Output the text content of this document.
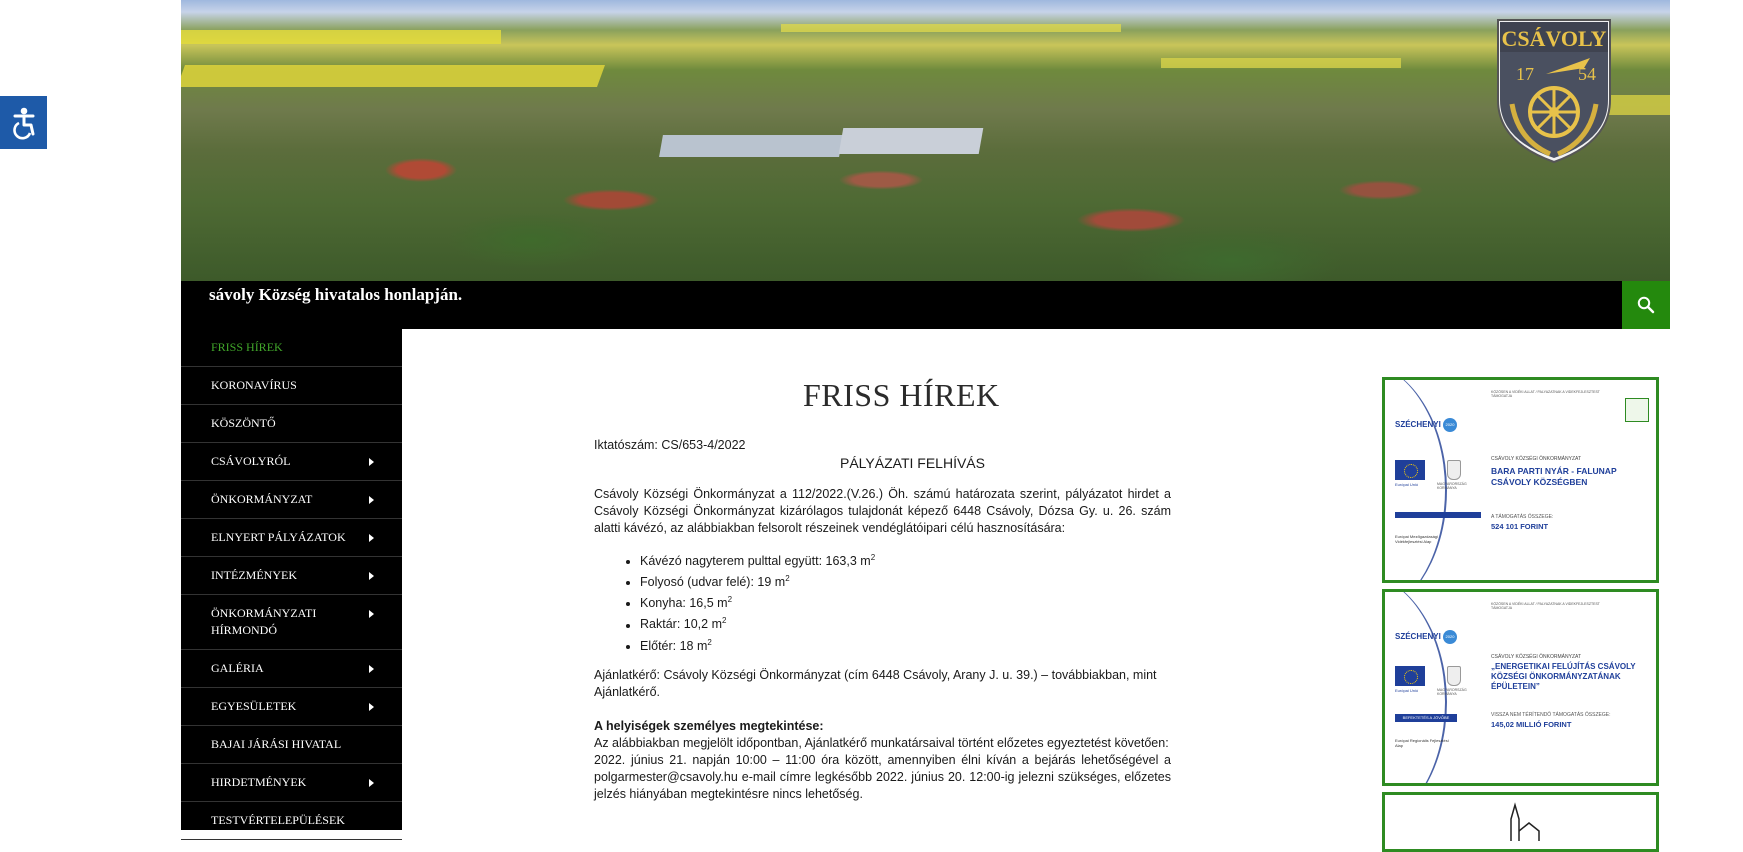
CSÁVOLY
17 54
sávoly Község hivatalos honlapján.
FRISS HÍREK
KORONAVÍRUS
KÖSZÖNTŐ
CSÁVOLYRÓL
ÖNKORMÁNYZAT
ELNYERT PÁLYÁZATOK
INTÉZMÉNYEK
ÖNKORMÁNYZATI HÍRMONDÓ
GALÉRIA
EGYESÜLETEK
BAJAI JÁRÁSI HIVATAL
HIRDETMÉNYEK
TESTVÉRTELEPÜLÉSEK
FRISS HÍREK

Iktatószám: CS/653-4/2022

PÁLYÁZATI FELHÍVÁS

Csávoly Községi Önkormányzat a 112/2022.(V.26.) Öh. számú határozata szerint, pályázatot hirdet a Csávoly Községi Önkormányzat kizárólagos tulajdonát képező 6448 Csávoly, Dózsa Gy. u. 26. szám alatti kávézó, az alábbiakban felsorolt részeinek vendéglátóipari célú hasznosítására:

• Kávézó nagyterem pulttal együtt: 163,3 $m^2$
• Folyosó (udvar felé): 19 $m^2$
• Konyha: 16,5 $m^2$
• Raktár: 10,2 $m^2$
• Előtér: 18 $m^2$

Ajánlatkérő: Csávoly Községi Önkormányzat (cím 6448 Csávoly, Arany J. u. 39.) – továbbiakban, mint Ajánlatkérő.

A helyiségek személyes megtekintése:

Az alábbiakban megjelölt időpontban, Ajánlatkérő munkatársaival történt előzetes egyeztetést követően:

2022. június 21. napján 10:00 – 11:00 óra között, amennyiben élni kíván a bejárás lehetőségével a polgarmester@csavoly.hu e-mail címre legkésőbb 2022. június 20. 12:00-ig jelezni szükséges, előzetes jelzés hiányában megtekintésre nincs lehetőség.

SZÉCHENYI	2020
Európai Unió	MAGYARORSZÁG KORMÁNYA
Európai Mezőgazdasági Vidékfejlesztési Alap
KÖZÖSEN A VIDÉKI ALLAT / PALYAZATNAK A VIDEKFEJLESZTEST TÁMOGATJA
CSÁVOLY KÖZSÉGI ÖNKORMÁNYZAT
BARA PARTI NYÁR - FALUNAP CSÁVOLY KÖZSÉGBEN
A TÁMOGATÁS ÖSSZEGE:
524 101 FORINT
SZÉCHENYI	2020
Európai Unió	MAGYARORSZÁG KORMÁNYA
BEFEKTETÉS A JÖVŐBE
Európai Regionális Fejlesztési Alap
KÖZÖSEN A VIDÉKI ALLAT / PALYAZATNAK A VIDEKFEJLESZTEST TÁMOGATJA
CSÁVOLY KÖZSÉGI ÖNKORMÁNYZAT
„ENERGETIKAI FELÚJÍTÁS CSÁVOLY KÖZSÉGI ÖNKORMÁNYZATÁNAK ÉPÜLETEIN”
VISSZA NEM TÉRÍTENDŐ TÁMOGATÁS ÖSSZEGE:
145,02 MILLIÓ FORINT
